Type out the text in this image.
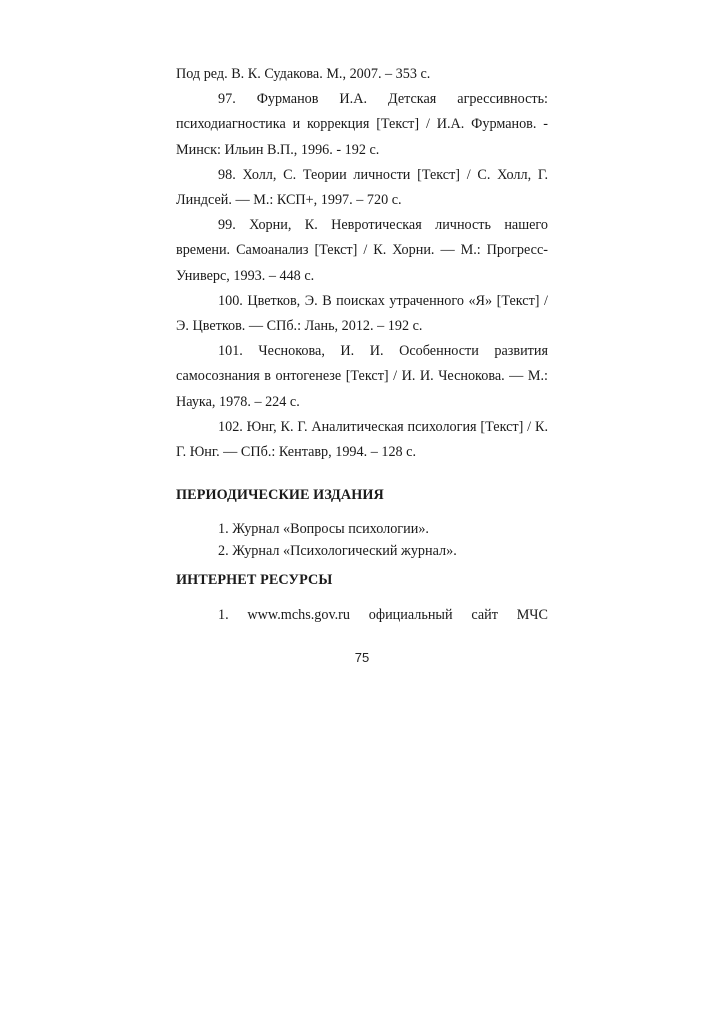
Под ред. В. К. Судакова. М., 2007. – 353 с.

97. Фурманов И.А. Детская агрессивность: психодиагностика и коррекция [Текст] / И.А. Фурманов. - Минск: Ильин В.П., 1996. - 192 с.

98. Холл, С. Теории личности [Текст] / С. Холл, Г. Линдсей. — М.: КСП+, 1997. – 720 с.

99. Хорни, К. Невротическая личность нашего времени. Самоанализ [Текст] / К. Хорни. — М.: Прогресс-Универс, 1993. – 448 с.

100. Цветков, Э. В поисках утраченного «Я» [Текст] / Э. Цветков. — СПб.: Лань, 2012. – 192 с.

101. Чеснокова, И. И. Особенности развития самосознания в онтогенезе [Текст] / И. И. Чеснокова. — М.: Наука, 1978. – 224 с.

102. Юнг, К. Г. Аналитическая психология [Текст] / К. Г. Юнг. — СПб.: Кентавр, 1994. – 128 с.

ПЕРИОДИЧЕСКИЕ ИЗДАНИЯ
1. Журнал «Вопросы психологии».
2. Журнал «Психологический журнал».
ИНТЕРНЕТ РЕСУРСЫ
1. www.mchs.gov.ru официальный сайт МЧС
75
